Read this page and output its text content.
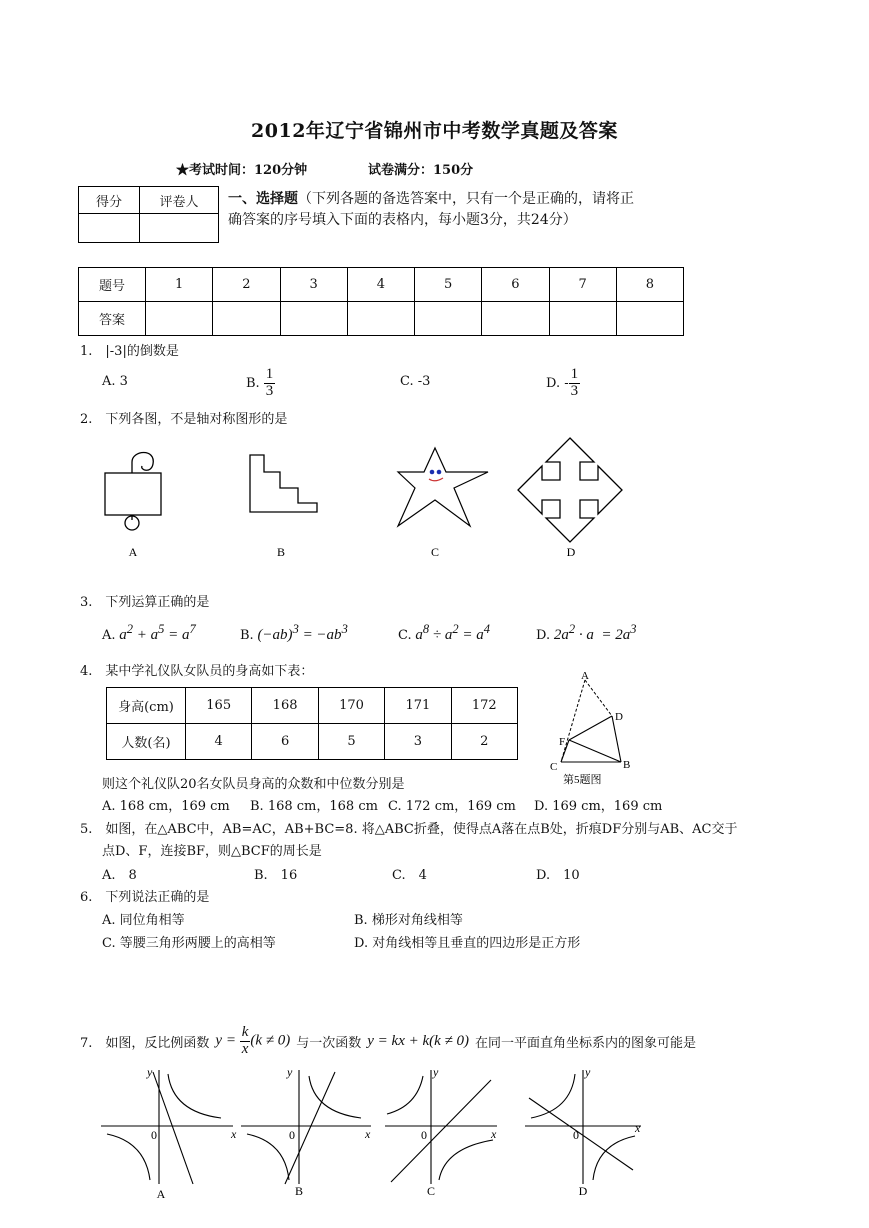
2012年辽宁省锦州市中考数学真题及答案
★考试时间：120分钟	试卷满分：150分
得分	评卷人
	一、选择题（下列各题的备选答案中，只有一个是正确的，请将正
确答案的序号填入下面的表格内，每小题3分，共24分）
题号	1	2	3	4	5	6	7	8
答案								
1.　|-3|的倒数是
A. 3	B. $\frac{1}{3}$	C. -3	D. - $\frac{1}{3}$
2.　下列各图，不是轴对称图形的是
A	B	C	D
3.　下列运算正确的是
A. $a^2 + a^5 = a^7$	B. $(-ab)^3 = -ab^3$	C. $a^8 \div a^2 = a^4$	D. $2a^2 \cdot a = 2a^3$
4.　某中学礼仪队女队员的身高如下表：
身高(cm)	165	168	170	171	172
人数(名)	4	6	5	3	2
则这个礼仪队20名女队员身高的众数和中位数分别是
A. 168 cm，169 cm B. 168 cm，168 cm C. 172 cm，169 cm D. 169 cm，169 cm
A
D
F
C	B
第5题图
5.　如图，在△ABC中，AB=AC，AB+BC=8. 将△ABC折叠，使得点A落在点B处，折痕DF分别与AB、AC交于
点D、F，连接BF，则△BCF的周长是
A.　8	B.　16	C.　4	D.　10
6.　下列说法正确的是
A. 同位角相等	B. 梯形对角线相等
C. 等腰三角形两腰上的高相等	D. 对角线相等且垂直的四边形是正方形
7.　如图，反比例函数 $y = \frac{k}{x} (k \ne 0)$ 与一次函数 y = kx + k(k ≠ 0) 在同一平面直角坐标系内的图象可能是
y
x
0
y
x
0
y
x
0
y
x
0
A	B	C	D
